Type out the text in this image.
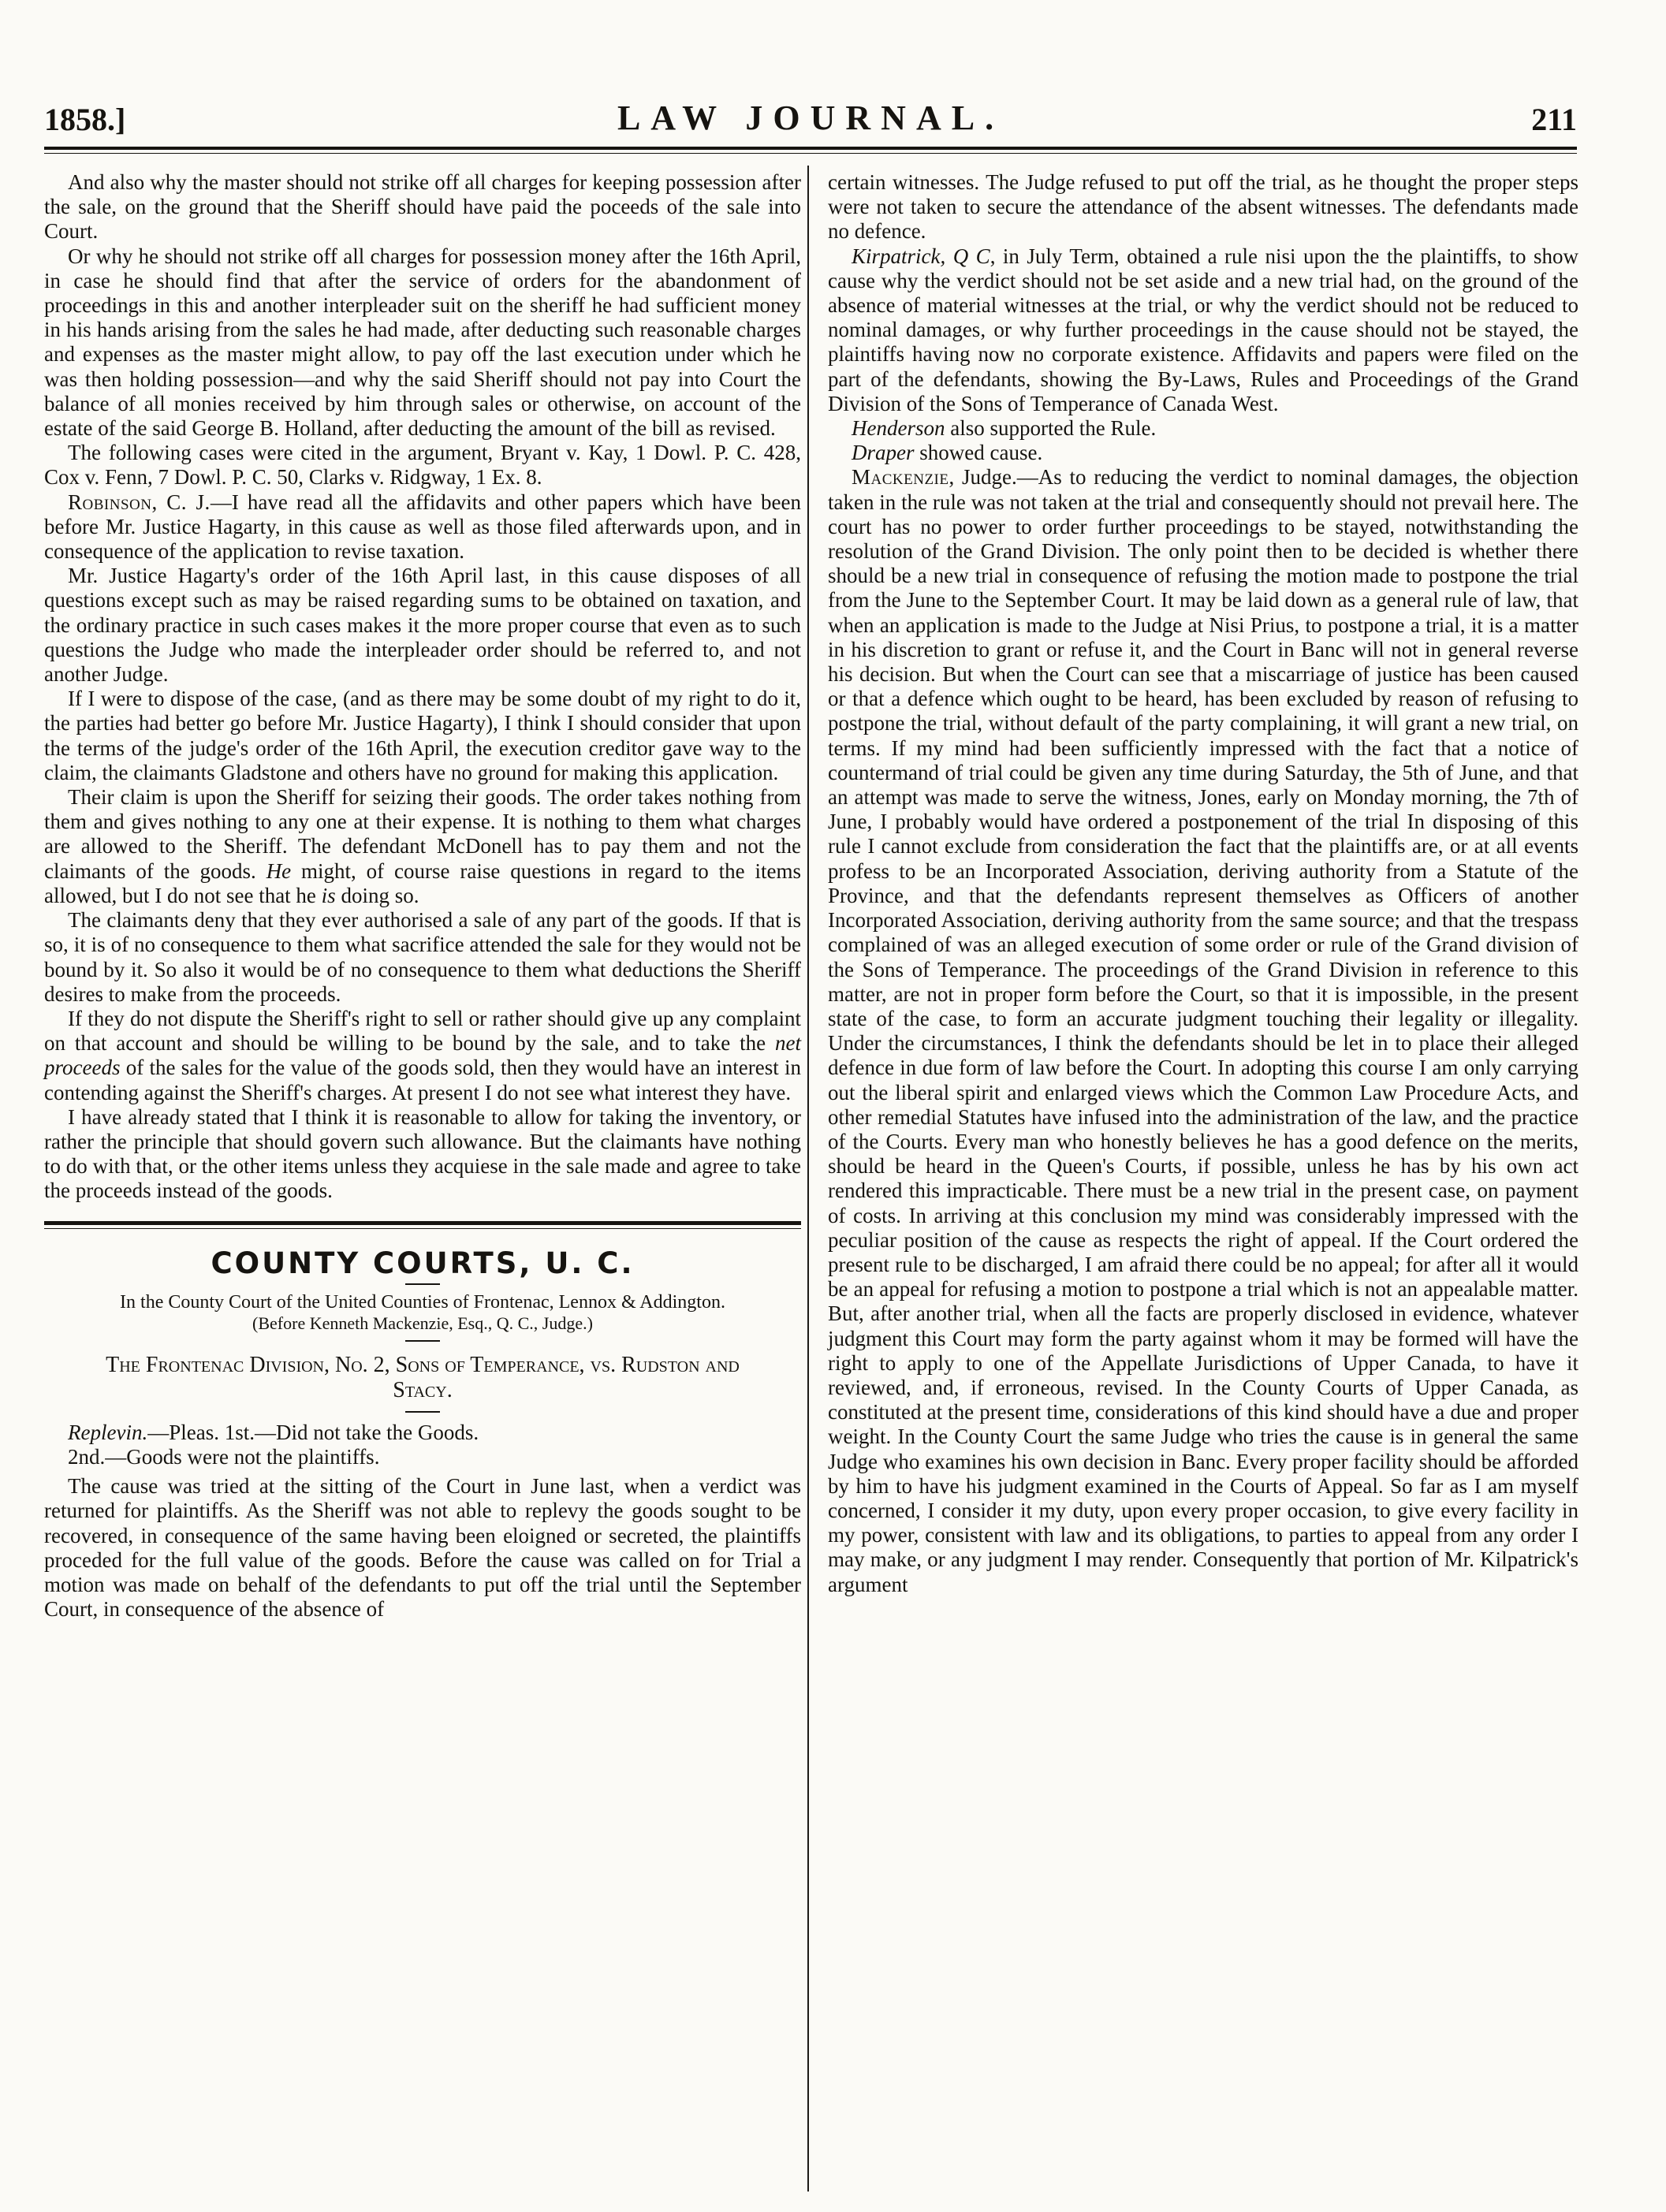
1858.]	LAW JOURNAL.	211

And also why the master should not strike off all charges for keeping possession after the sale, on the ground that the Sheriff should have paid the poceeds of the sale into Court.

Or why he should not strike off all charges for possession money after the 16th April, in case he should find that after the service of orders for the abandonment of proceedings in this and another interpleader suit on the sheriff he had sufficient money in his hands arising from the sales he had made, after deducting such reasonable charges and expenses as the master might allow, to pay off the last execution under which he was then holding possession—and why the said Sheriff should not pay into Court the balance of all monies received by him through sales or otherwise, on account of the estate of the said George B. Holland, after deducting the amount of the bill as revised.

The following cases were cited in the argument, Bryant v. Kay, 1 Dowl. P. C. 428, Cox v. Fenn, 7 Dowl. P. C. 50, Clarks v. Ridgway, 1 Ex. 8.

Robinson, C. J.—I have read all the affidavits and other papers which have been before Mr. Justice Hagarty, in this cause as well as those filed afterwards upon, and in consequence of the application to revise taxation.

Mr. Justice Hagarty's order of the 16th April last, in this cause disposes of all questions except such as may be raised regarding sums to be obtained on taxation, and the ordinary practice in such cases makes it the more proper course that even as to such questions the Judge who made the interpleader order should be referred to, and not another Judge.

If I were to dispose of the case, (and as there may be some doubt of my right to do it, the parties had better go before Mr. Justice Hagarty), I think I should consider that upon the terms of the judge's order of the 16th April, the execution creditor gave way to the claim, the claimants Gladstone and others have no ground for making this application.

Their claim is upon the Sheriff for seizing their goods. The order takes nothing from them and gives nothing to any one at their expense. It is nothing to them what charges are allowed to the Sheriff. The defendant McDonell has to pay them and not the claimants of the goods. He might, of course raise questions in regard to the items allowed, but I do not see that he is doing so.

The claimants deny that they ever authorised a sale of any part of the goods. If that is so, it is of no consequence to them what sacrifice attended the sale for they would not be bound by it. So also it would be of no consequence to them what deductions the Sheriff desires to make from the proceeds.

If they do not dispute the Sheriff's right to sell or rather should give up any complaint on that account and should be willing to be bound by the sale, and to take the net proceeds of the sales for the value of the goods sold, then they would have an interest in contending against the Sheriff's charges. At present I do not see what interest they have.

I have already stated that I think it is reasonable to allow for taking the inventory, or rather the principle that should govern such allowance. But the claimants have nothing to do with that, or the other items unless they acquiese in the sale made and agree to take the proceeds instead of the goods.

COUNTY COURTS, U. C.

In the County Court of the United Counties of Frontenac, Lennox & Addington.

(Before Kenneth Mackenzie, Esq., Q. C., Judge.)

The Frontenac Division, No. 2, Sons of Temperance, vs. Rudston and Stacy.

Replevin.—Pleas. 1st.—Did not take the Goods.

2nd.—Goods were not the plaintiffs.

The cause was tried at the sitting of the Court in June last, when a verdict was returned for plaintiffs. As the Sheriff was not able to replevy the goods sought to be recovered, in consequence of the same having been eloigned or secreted, the plaintiffs proceded for the full value of the goods. Before the cause was called on for Trial a motion was made on behalf of the defendants to put off the trial until the September Court, in consequence of the absence of

certain witnesses. The Judge refused to put off the trial, as he thought the proper steps were not taken to secure the attendance of the absent witnesses. The defendants made no defence.

Kirpatrick, Q C, in July Term, obtained a rule nisi upon the the plaintiffs, to show cause why the verdict should not be set aside and a new trial had, on the ground of the absence of material witnesses at the trial, or why the verdict should not be reduced to nominal damages, or why further proceedings in the cause should not be stayed, the plaintiffs having now no corporate existence. Affidavits and papers were filed on the part of the defendants, showing the By-Laws, Rules and Proceedings of the Grand Division of the Sons of Temperance of Canada West.

Henderson also supported the Rule.

Draper showed cause.

Mackenzie, Judge.—As to reducing the verdict to nominal damages, the objection taken in the rule was not taken at the trial and consequently should not prevail here. The court has no power to order further proceedings to be stayed, notwithstanding the resolution of the Grand Division. The only point then to be decided is whether there should be a new trial in consequence of refusing the motion made to postpone the trial from the June to the September Court. It may be laid down as a general rule of law, that when an application is made to the Judge at Nisi Prius, to postpone a trial, it is a matter in his discretion to grant or refuse it, and the Court in Banc will not in general reverse his decision. But when the Court can see that a miscarriage of justice has been caused or that a defence which ought to be heard, has been excluded by reason of refusing to postpone the trial, without default of the party complaining, it will grant a new trial, on terms. If my mind had been sufficiently impressed with the fact that a notice of countermand of trial could be given any time during Saturday, the 5th of June, and that an attempt was made to serve the witness, Jones, early on Monday morning, the 7th of June, I probably would have ordered a postponement of the trial In disposing of this rule I cannot exclude from consideration the fact that the plaintiffs are, or at all events profess to be an Incorporated Association, deriving authority from a Statute of the Province, and that the defendants represent themselves as Officers of another Incorporated Association, deriving authority from the same source; and that the trespass complained of was an alleged execution of some order or rule of the Grand division of the Sons of Temperance. The proceedings of the Grand Division in reference to this matter, are not in proper form before the Court, so that it is impossible, in the present state of the case, to form an accurate judgment touching their legality or illegality. Under the circumstances, I think the defendants should be let in to place their alleged defence in due form of law before the Court. In adopting this course I am only carrying out the liberal spirit and enlarged views which the Common Law Procedure Acts, and other remedial Statutes have infused into the administration of the law, and the practice of the Courts. Every man who honestly believes he has a good defence on the merits, should be heard in the Queen's Courts, if possible, unless he has by his own act rendered this impracticable. There must be a new trial in the present case, on payment of costs. In arriving at this conclusion my mind was considerably impressed with the peculiar position of the cause as respects the right of appeal. If the Court ordered the present rule to be discharged, I am afraid there could be no appeal; for after all it would be an appeal for refusing a motion to postpone a trial which is not an appealable matter. But, after another trial, when all the facts are properly disclosed in evidence, whatever judgment this Court may form the party against whom it may be formed will have the right to apply to one of the Appellate Jurisdictions of Upper Canada, to have it reviewed, and, if erroneous, revised. In the County Courts of Upper Canada, as constituted at the present time, considerations of this kind should have a due and proper weight. In the County Court the same Judge who tries the cause is in general the same Judge who examines his own decision in Banc. Every proper facility should be afforded by him to have his judgment examined in the Courts of Appeal. So far as I am myself concerned, I consider it my duty, upon every proper occasion, to give every facility in my power, consistent with law and its obligations, to parties to appeal from any order I may make, or any judgment I may render. Consequently that portion of Mr. Kilpatrick's argument
